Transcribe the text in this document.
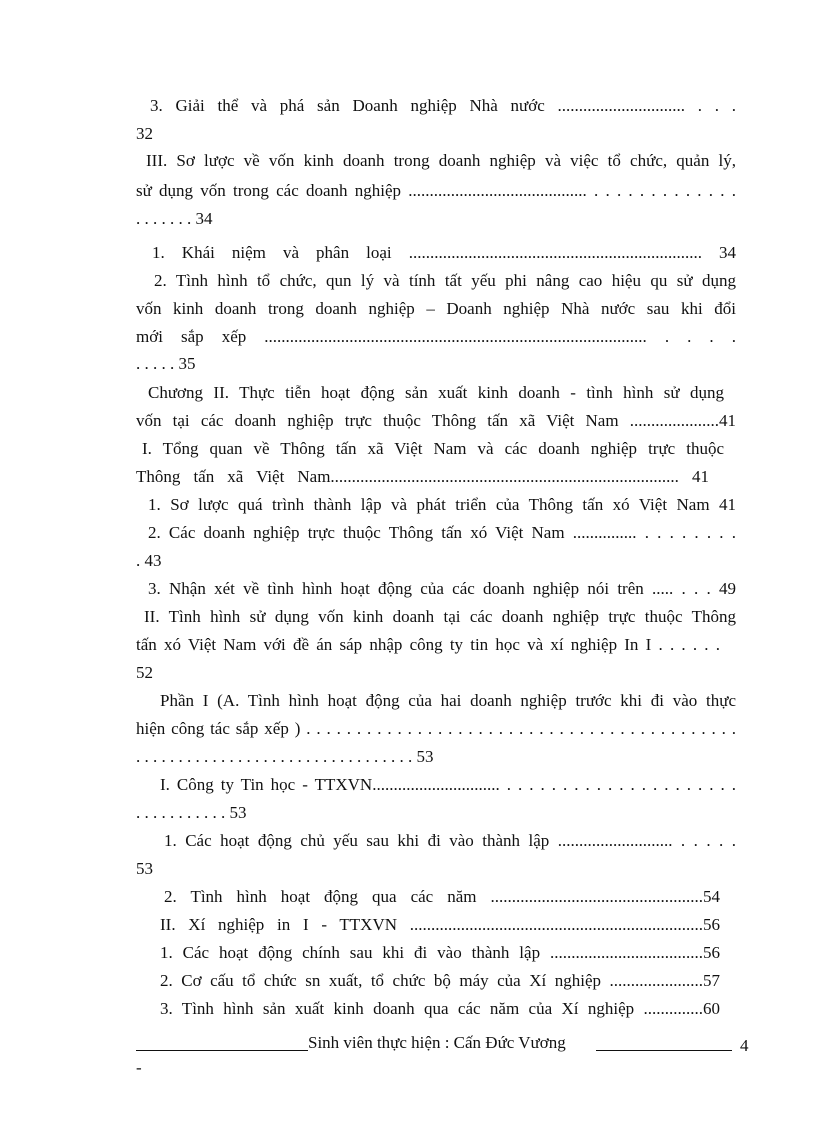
3. Giải thể và phá sản Doanh nghiệp Nhà nước .............................. . . .
32
III. Sơ lược về vốn kinh doanh trong doanh nghiệp và việc tổ chức, quản lý,
sử dụng vốn trong các doanh nghiệp .......................................... . . . . . . . . . . . . .
. . . . . . . 34
1. Khái niệm và phân loại ..................................................................... 34
2. Tình hình tổ chức, qun lý và tính tất yếu phi nâng cao hiệu qu sử dụng
vốn kinh doanh trong doanh nghiệp – Doanh nghiệp Nhà nước sau khi đổi
mới sắp xếp .......................................................................................... . . . .
. . . . . 35
Chương II. Thực tiễn hoạt động sản xuất kinh doanh - tình hình sử dụng
vốn tại các doanh nghiệp trực thuộc Thông tấn xã Việt Nam .....................41
I. Tổng quan về Thông tấn xã Việt Nam và các doanh nghiệp trực thuộc
Thông tấn xã Việt Nam.................................................................................. 41
1. Sơ lược quá trình thành lập và phát triển của Thông tấn xó Việt Nam 41
2. Các doanh nghiệp trực thuộc Thông tấn xó Việt Nam ............... . . . . . . . .
. 43
3. Nhận xét về tình hình hoạt động của các doanh nghiệp nói trên ..... . . . 49
II. Tình hình sử dụng vốn kinh doanh tại các doanh nghiệp trực thuộc Thông
tấn xó Việt Nam với đề án sáp nhập công ty tin học và xí nghiệp In I . . . . . .
52
Phần I (A. Tình hình hoạt động của hai doanh nghiệp trước khi đi vào thực
hiện công tác sắp xếp ) . . . . . . . . . . . . . . . . . . . . . . . . . . . . . . . . . . . . . . . . . . .
. . . . . . . . . . . . . . . . . . . . . . . . . . . . . . . . . 53
I. Công ty Tin học - TTXVN.............................. . . . . . . . . . . . . . . . . . . . . .
. . . . . . . . . . . 53
1. Các hoạt động chủ yếu sau khi đi vào thành lập ........................... . . . . .
53
2. Tình hình hoạt động qua các năm ..................................................54
II. Xí nghiệp in I - TTXVN .....................................................................56
1. Các hoạt động chính sau khi đi vào thành lập ....................................56
2. Cơ cấu tổ chức sn xuất, tổ chức bộ máy của Xí nghiệp ......................57
3. Tình hình sản xuất kinh doanh qua các năm của Xí nghiệp ..............60
Sinh viên thực hiện : Cấn Đức Vương	4
-
